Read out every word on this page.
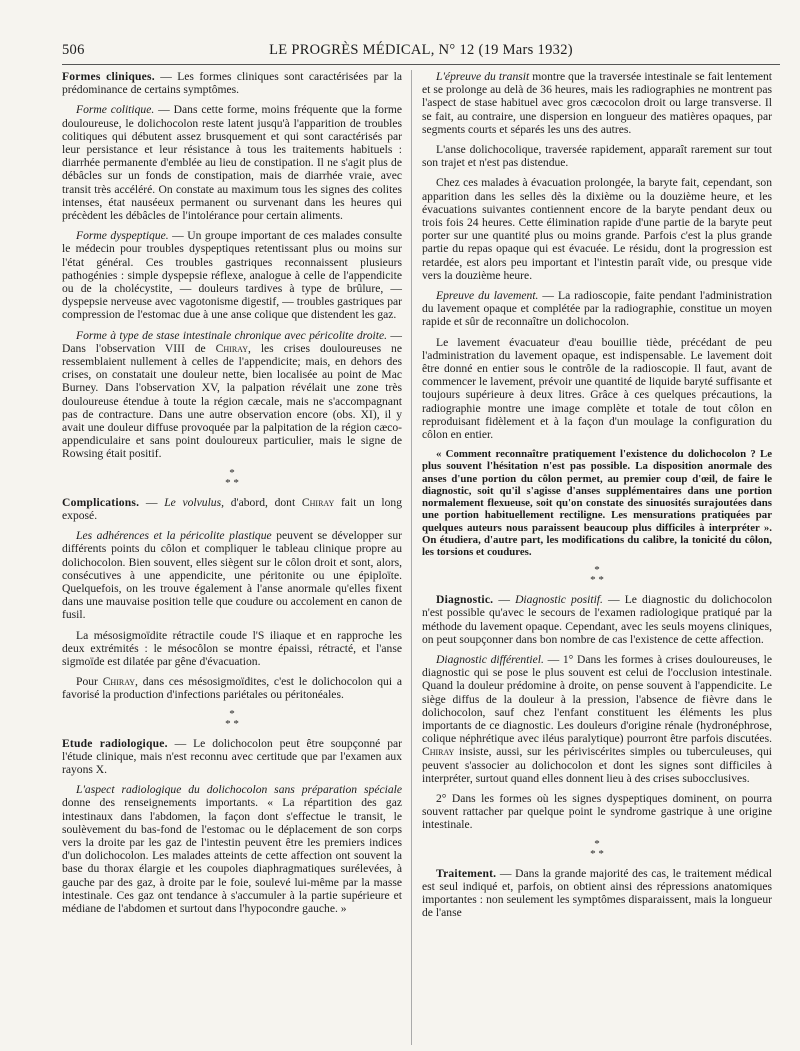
506	LE PROGRÈS MÉDICAL, N° 12 (19 Mars 1932)

Formes cliniques. — Les formes cliniques sont caractérisées par la prédominance de certains symptômes.

Forme colitique. — Dans cette forme, moins fréquente que la forme douloureuse, le dolichocolon reste latent jusqu'à l'apparition de troubles colitiques qui débutent assez brusquement et qui sont caractérisés par leur persistance et leur résistance à tous les traitements habituels : diarrhée permanente d'emblée au lieu de constipation. Il ne s'agit plus de débâcles sur un fonds de constipation, mais de diarrhée vraie, avec transit très accéléré. On constate au maximum tous les signes des colites intenses, état nauséeux permanent ou survenant dans les heures qui précèdent les débâcles de l'intolérance pour certain aliments.

Forme dyspeptique. — Un groupe important de ces malades consulte le médecin pour troubles dyspeptiques retentissant plus ou moins sur l'état général. Ces troubles gastriques reconnaissent plusieurs pathogénies : simple dyspepsie réflexe, analogue à celle de l'appendicite ou de la cholécystite, — douleurs tardives à type de brûlure, — dyspepsie nerveuse avec vagotonisme digestif, — troubles gastriques par compression de l'estomac due à une anse colique que distendent les gaz.

Forme à type de stase intestinale chronique avec péricolite droite. — Dans l'observation VIII de Chiray, les crises douloureuses ne ressemblaient nullement à celles de l'appendicite; mais, en dehors des crises, on constatait une douleur nette, bien localisée au point de Mac Burney. Dans l'observation XV, la palpation révélait une zone très douloureuse étendue à toute la région cæcale, mais ne s'accompagnant pas de contracture. Dans une autre observation encore (obs. XI), il y avait une douleur diffuse provoquée par la palpitation de la région cæco-appendiculaire et sans point douloureux particulier, mais le signe de Rowsing était positif.

*
* *

Complications. — Le volvulus, d'abord, dont Chiray fait un long exposé.

Les adhérences et la péricolite plastique peuvent se développer sur différents points du côlon et compliquer le tableau clinique propre au dolichocolon. Bien souvent, elles siègent sur le côlon droit et sont, alors, consécutives à une appendicite, une péritonite ou une épiploïte. Quelquefois, on les trouve également à l'anse anormale qu'elles fixent dans une mauvaise position telle que coudure ou accolement en canon de fusil.

La mésosigmoïdite rétractile coude l'S iliaque et en rapproche les deux extrémités : le mésocôlon se montre épaissi, rétracté, et l'anse sigmoïde est dilatée par gêne d'évacuation.

Pour Chiray, dans ces mésosigmoïdites, c'est le dolichocolon qui a favorisé la production d'infections pariétales ou péritonéales.

*
* *

Etude radiologique. — Le dolichocolon peut être soupçonné par l'étude clinique, mais n'est reconnu avec certitude que par l'examen aux rayons X.

L'aspect radiologique du dolichocolon sans préparation spéciale donne des renseignements importants. « La répartition des gaz intestinaux dans l'abdomen, la façon dont s'effectue le transit, le soulèvement du bas-fond de l'estomac ou le déplacement de son corps vers la droite par les gaz de l'intestin peuvent être les premiers indices d'un dolichocolon. Les malades atteints de cette affection ont souvent la base du thorax élargie et les coupoles diaphragmatiques surélevées, à gauche par des gaz, à droite par le foie, soulevé lui-même par la masse intestinale. Ces gaz ont tendance à s'accumuler à la partie supérieure et médiane de l'abdomen et surtout dans l'hypocondre gauche. »

L'épreuve du transit montre que la traversée intestinale se fait lentement et se prolonge au delà de 36 heures, mais les radiographies ne montrent pas l'aspect de stase habituel avec gros cæcocolon droit ou large transverse. Il se fait, au contraire, une dispersion en longueur des matières opaques, par segments courts et séparés les uns des autres.

L'anse dolichocolique, traversée rapidement, apparaît rarement sur tout son trajet et n'est pas distendue.

Chez ces malades à évacuation prolongée, la baryte fait, cependant, son apparition dans les selles dès la dixième ou la douzième heure, et les évacuations suivantes contiennent encore de la baryte pendant deux ou trois fois 24 heures. Cette élimination rapide d'une partie de la baryte peut porter sur une quantité plus ou moins grande. Parfois c'est la plus grande partie du repas opaque qui est évacuée. Le résidu, dont la progression est retardée, est alors peu important et l'intestin paraît vide, ou presque vide vers la douzième heure.

Epreuve du lavement. — La radioscopie, faite pendant l'administration du lavement opaque et complétée par la radiographie, constitue un moyen rapide et sûr de reconnaître un dolichocolon.

Le lavement évacuateur d'eau bouillie tiède, précédant de peu l'administration du lavement opaque, est indispensable. Le lavement doit être donné en entier sous le contrôle de la radioscopie. Il faut, avant de commencer le lavement, prévoir une quantité de liquide baryté suffisante et toujours supérieure à deux litres. Grâce à ces quelques précautions, la radiographie montre une image complète et totale de tout côlon en reproduisant fidèlement et à la façon d'un moulage la configuration du côlon en entier.

« Comment reconnaître pratiquement l'existence du dolichocolon ? Le plus souvent l'hésitation n'est pas possible. La disposition anormale des anses d'une portion du côlon permet, au premier coup d'œil, de faire le diagnostic, soit qu'il s'agisse d'anses supplémentaires dans une portion normalement flexueuse, soit qu'on constate des sinuosités surajoutées dans une portion habituellement rectiligne. Les mensurations pratiquées par quelques auteurs nous paraissent beaucoup plus difficiles à interpréter ». On étudiera, d'autre part, les modifications du calibre, la tonicité du côlon, les torsions et coudures.

*
* *

Diagnostic. — Diagnostic positif. — Le diagnostic du dolichocolon n'est possible qu'avec le secours de l'examen radiologique pratiqué par la méthode du lavement opaque. Cependant, avec les seuls moyens cliniques, on peut soupçonner dans bon nombre de cas l'existence de cette affection.

Diagnostic différentiel. — 1° Dans les formes à crises douloureuses, le diagnostic qui se pose le plus souvent est celui de l'occlusion intestinale. Quand la douleur prédomine à droite, on pense souvent à l'appendicite. Le siège diffus de la douleur à la pression, l'absence de fièvre dans le dolichocolon, sauf chez l'enfant constituent les éléments les plus importants de ce diagnostic. Les douleurs d'origine rénale (hydronéphrose, colique néphrétique avec iléus paralytique) pourront être parfois discutées. Chiray insiste, aussi, sur les périviscérites simples ou tuberculeuses, qui peuvent s'associer au dolichocolon et dont les signes sont difficiles à interpréter, surtout quand elles donnent lieu à des crises subocclusives.

2° Dans les formes où les signes dyspeptiques dominent, on pourra souvent rattacher par quelque point le syndrome gastrique à une origine intestinale.

*
* *

Traitement. — Dans la grande majorité des cas, le traitement médical est seul indiqué et, parfois, on obtient ainsi des répressions anatomiques importantes : non seulement les symptômes disparaissent, mais la longueur de l'anse
